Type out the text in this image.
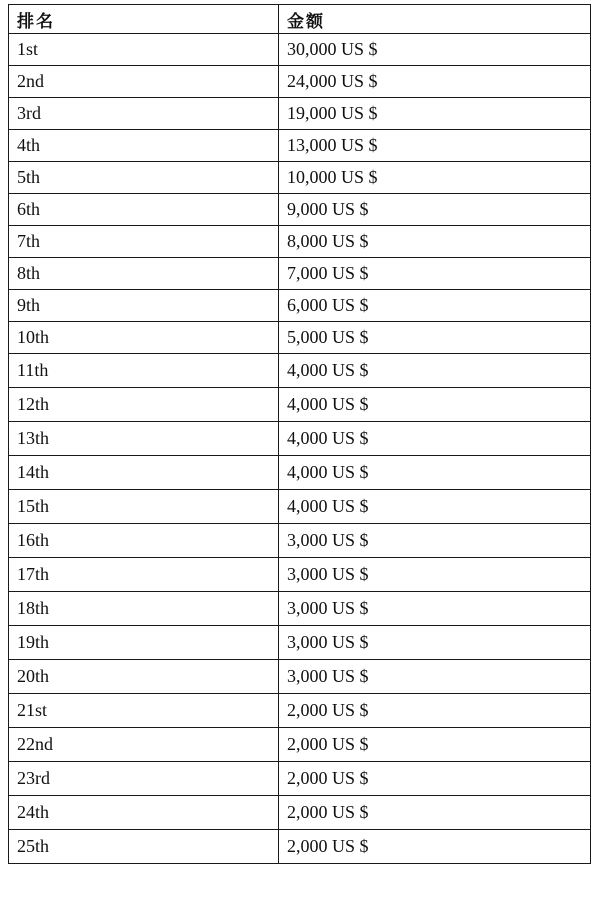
排名	金额
1st	30,000 US $
2nd	24,000 US $
3rd	19,000 US $
4th	13,000 US $
5th	10,000 US $
6th	9,000 US $
7th	8,000 US $
8th	7,000 US $
9th	6,000 US $
10th	5,000 US $
11th	4,000 US $
12th	4,000 US $
13th	4,000 US $
14th	4,000 US $
15th	4,000 US $
16th	3,000 US $
17th	3,000 US $
18th	3,000 US $
19th	3,000 US $
20th	3,000 US $
21st	2,000 US $
22nd	2,000 US $
23rd	2,000 US $
24th	2,000 US $
25th	2,000 US $
